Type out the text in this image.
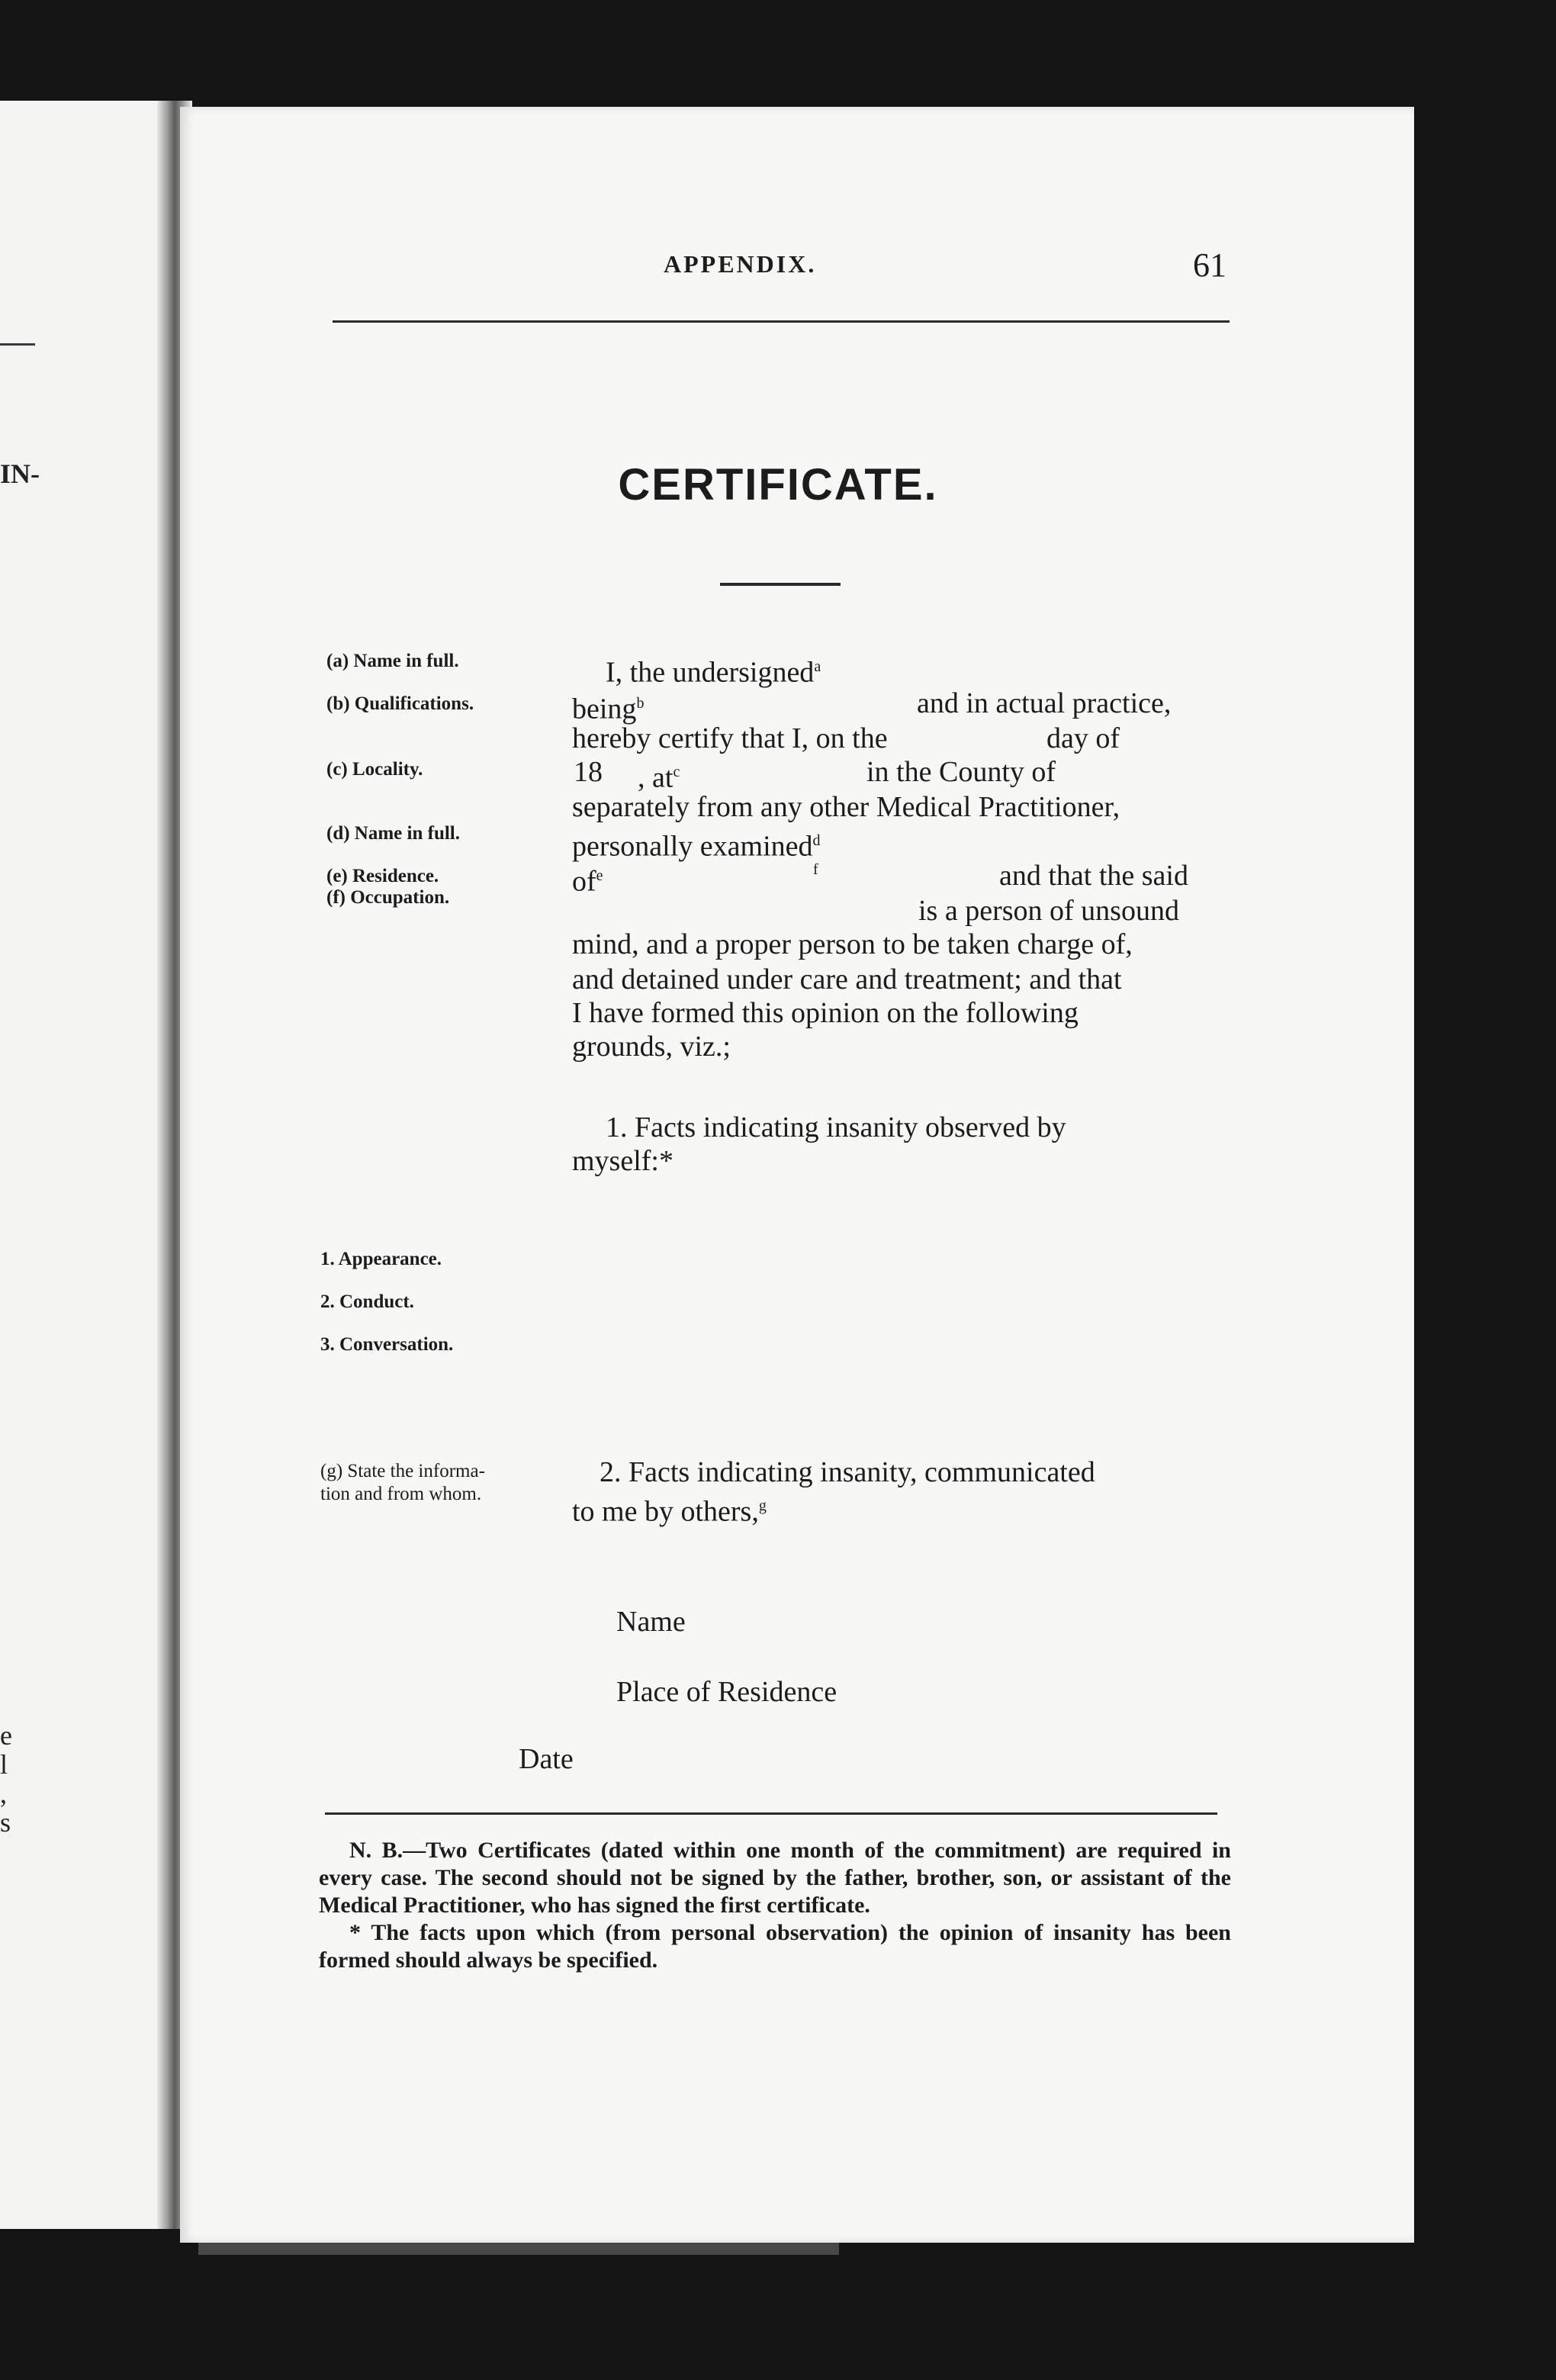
IN-
e
l
,
s
APPENDIX.	61
CERTIFICATE.
(a) Name in full.
(b) Qualifications.
(c) Locality.
(d) Name in full.
(e) Residence.
(f) Occupation.
1. Appearance.
2. Conduct.
3. Conversation.
(g) State the informa-
tion and from whom.
I, the undersigned$^a$
being$^b$	and in actual practice,
hereby certify that I, on the	day of
18 , $at^c$	in the County of
separately from any other Medical Practitioner,
personally examined$^d$
$of^e$	$^f$	and that the said
is a person of unsound
mind, and a proper person to be taken charge of,
and detained under care and treatment; and that
I have formed this opinion on the following
grounds, viz.;
1. Facts indicating insanity observed by
myself:*
2. Facts indicating insanity, communicated
to me by others,$^g$
Name
Place of Residence
Date

N. B.—Two Certificates (dated within one month of the commitment) are required in every case. The second should not be signed by the father, brother, son, or assistant of the Medical Practitioner, who has signed the first certificate.

* The facts upon which (from personal observation) the opinion of insanity has been formed should always be specified.
